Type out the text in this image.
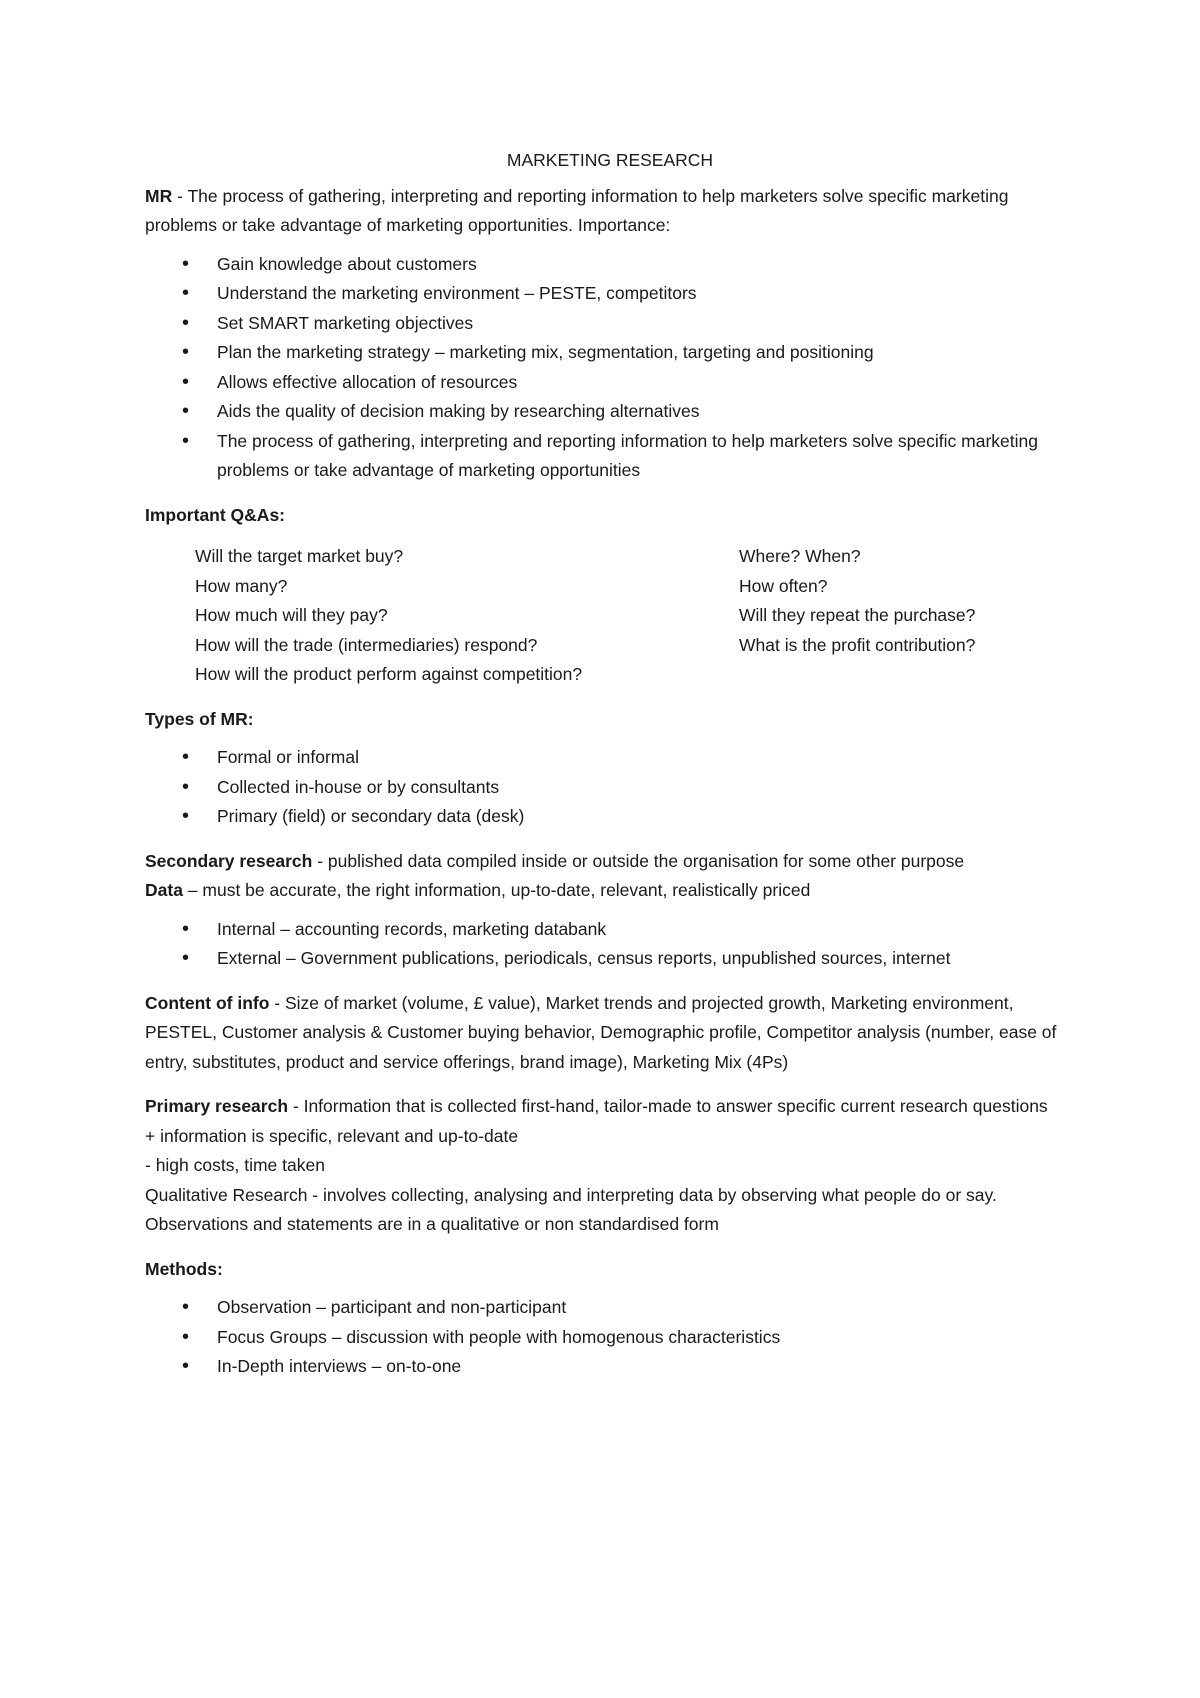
MARKETING RESEARCH

MR - The process of gathering, interpreting and reporting information to help marketers solve specific marketing problems or take advantage of marketing opportunities. Importance:

• Gain knowledge about customers
• Understand the marketing environment – PESTE, competitors
• Set SMART marketing objectives
• Plan the marketing strategy – marketing mix, segmentation, targeting and positioning
• Allows effective allocation of resources
• Aids the quality of decision making by researching alternatives
• The process of gathering, interpreting and reporting information to help marketers solve specific marketing problems or take advantage of marketing opportunities

Important Q&As:

Will the target market buy?	Where? When?
How many?	How often?
How much will they pay?	Will they repeat the purchase?
How will the trade (intermediaries) respond?	What is the profit contribution?
How will the product perform against competition?

Types of MR:

• Formal or informal
• Collected in-house or by consultants
• Primary (field) or secondary data (desk)

Secondary research - published data compiled inside or outside the organisation for some other purpose

Data – must be accurate, the right information, up-to-date, relevant, realistically priced

• Internal – accounting records, marketing databank
• External – Government publications, periodicals, census reports, unpublished sources, internet

Content of info - Size of market (volume, £ value), Market trends and projected growth, Marketing environment, PESTEL, Customer analysis & Customer buying behavior, Demographic profile, Competitor analysis (number, ease of entry, substitutes, product and service offerings, brand image), Marketing Mix (4Ps)

Primary research - Information that is collected first-hand, tailor-made to answer specific current research questions

+ information is specific, relevant and up-to-date

- high costs, time taken

Qualitative Research - involves collecting, analysing and interpreting data by observing what people do or say. Observations and statements are in a qualitative or non standardised form

Methods:

• Observation – participant and non-participant
• Focus Groups – discussion with people with homogenous characteristics
• In-Depth interviews – on-to-one
